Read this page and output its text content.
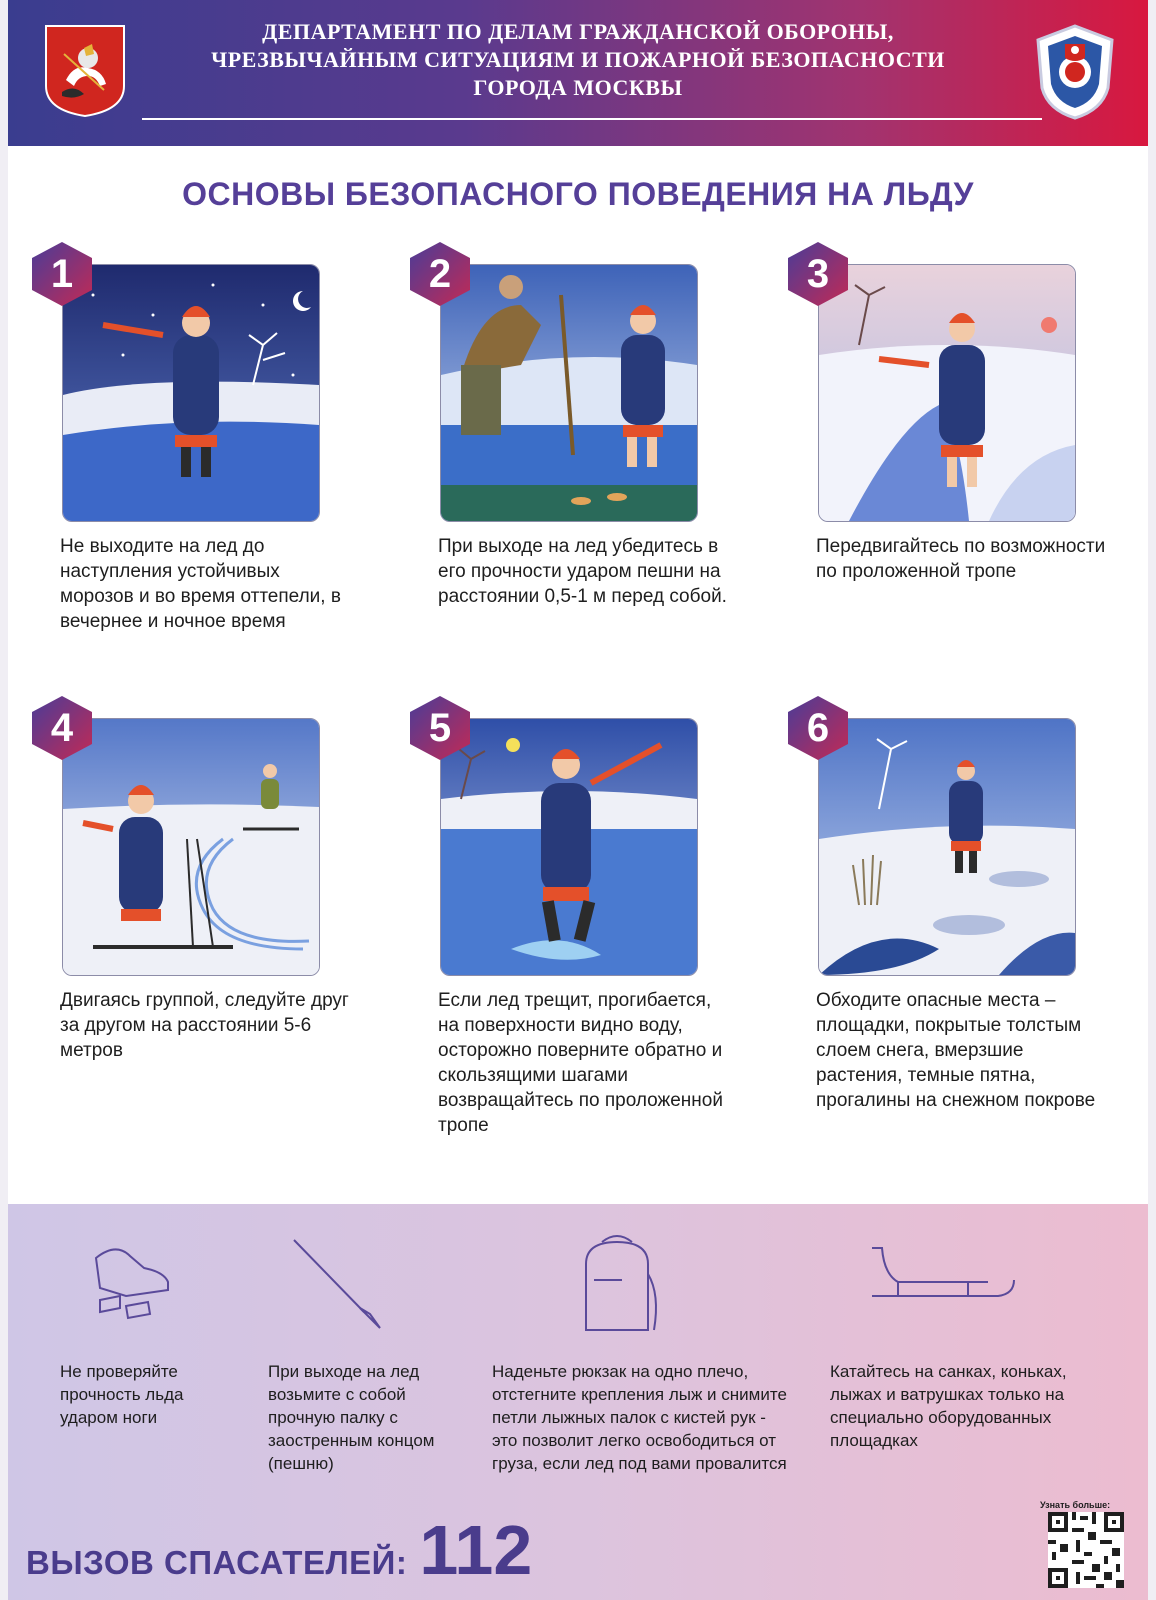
ДЕПАРТАМЕНТ ПО ДЕЛАМ ГРАЖДАНСКОЙ ОБОРОНЫ,
ЧРЕЗВЫЧАЙНЫМ СИТУАЦИЯМ И ПОЖАРНОЙ БЕЗОПАСНОСТИ
ГОРОДА МОСКВЫ
ОСНОВЫ БЕЗОПАСНОГО ПОВЕДЕНИЯ НА ЛЬДУ
1
Не выходите на лед до наступления устойчивых морозов и во время оттепели, в вечернее и ночное время
2
При выходе на лед убедитесь в его прочности ударом пешни на расстоянии 0,5-1 м перед собой.
3
Передвигайтесь по возможности по проложенной тропе
4
Двигаясь группой, следуйте друг за другом на расстоянии 5-6 метров
5
Если лед трещит, прогибается, на поверхности видно воду, осторожно поверните обратно и скользящими шагами возвращайтесь по проложенной тропе
6
Обходите опасные места – площадки, покрытые толстым слоем снега, вмерзшие растения, темные пятна, прогалины на снежном покрове
Не проверяйте прочность льда ударом ноги
При выходе на лед возьмите с собой прочную палку с заостренным концом (пешню)
Наденьте рюкзак на одно плечо, отстегните крепления лыж и снимите петли лыжных палок с кистей рук - это позволит легко освободиться от груза, если лед под вами провалится
Катайтесь на санках, коньках, лыжах и ватрушках только на специально оборудованных площадках
ВЫЗОВ СПАСАТЕЛЕЙ: 112
Узнать больше:
